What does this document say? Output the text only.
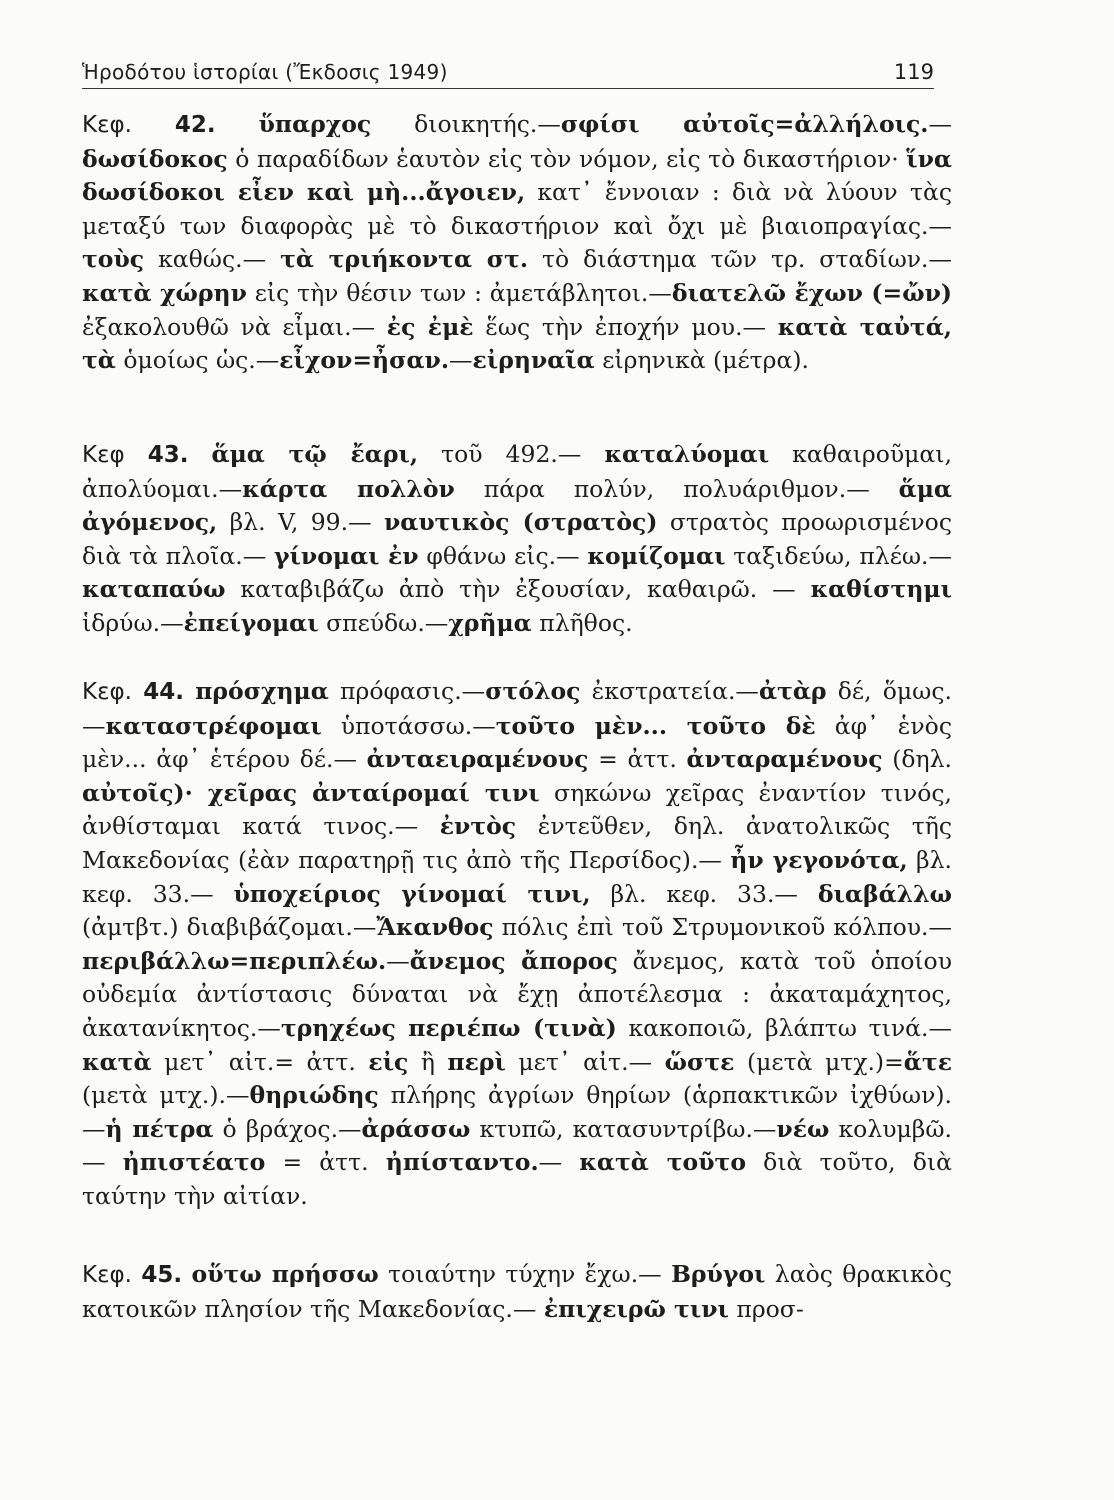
Ἡροδότου ἱστορίαι (Ἔκδοσις 1949)	119

Κεφ. 42. ὕπαρχος διοικητής.—σφίσι αὐτοῖς=ἀλλήλοις.—δωσίδοκος ὁ παραδίδων ἑαυτὸν εἰς τὸν νόμον, εἰς τὸ δικαστήριον· ἵνα δωσίδοκοι εἶεν καὶ μὴ...ἄγοιεν, κατ᾿ ἔννοιαν : διὰ νὰ λύουν τὰς μεταξύ των διαφορὰς μὲ τὸ δικαστήριον καὶ ὄχι μὲ βιαιοπραγίας.—τοὺς καθώς.— τὰ τριήκοντα στ. τὸ διάστημα τῶν τρ. σταδίων.— κατὰ χώρην εἰς τὴν θέσιν των : ἀμετάβλητοι.—διατελῶ ἔχων (=ὤν) ἐξακολουθῶ νὰ εἶμαι.— ἐς ἐμὲ ἕως τὴν ἐποχήν μου.— κατὰ ταὐτά, τὰ ὁμοίως ὡς.—εἶχον=ἦσαν.—εἰρηναῖα εἰρηνικὰ (μέτρα).

Κεφ 43. ἅμα τῷ ἔαρι, τοῦ 492.— καταλύομαι καθαιροῦμαι, ἀπολύομαι.—κάρτα πολλὸν πάρα πολύν, πολυάριθμον.— ἅμα ἀγόμενος, βλ. V, 99.— ναυτικὸς (στρατὸς) στρατὸς προωρισμένος διὰ τὰ πλοῖα.— γίνομαι ἐν φθάνω εἰς.— κομίζομαι ταξιδεύω, πλέω.— καταπαύω καταβιβάζω ἀπὸ τὴν ἐξουσίαν, καθαιρῶ. — καθίστημι ἱδρύω.—ἐπείγομαι σπεύδω.—χρῆμα πλῆθος.

Κεφ. 44. πρόσχημα πρόφασις.—στόλος ἐκστρατεία.—ἀτὰρ δέ, ὅμως.—καταστρέφομαι ὑποτάσσω.—τοῦτο μὲν... τοῦτο δὲ ἀφ᾿ ἑνὸς μὲν... ἀφ᾿ ἑτέρου δέ.— ἀνταειραμένους = ἀττ. ἀνταραμένους (δηλ. αὐτοῖς)· χεῖρας ἀνταίρομαί τινι σηκώνω χεῖρας ἐναντίον τινός, ἀνθίσταμαι κατά τινος.— ἐντὸς ἐντεῦθεν, δηλ. ἀνατολικῶς τῆς Μακεδονίας (ἐὰν παρατηρῇ τις ἀπὸ τῆς Περσίδος).— ἦν γεγονότα, βλ. κεφ. 33.— ὑποχείριος γίνομαί τινι, βλ. κεφ. 33.— διαβάλλω (ἀμτβτ.) διαβιβάζομαι.—Ἄκανθος πόλις ἐπὶ τοῦ Στρυμονικοῦ κόλπου.—περιβάλλω=περιπλέω.—ἄνεμος ἄπορος ἄνεμος, κατὰ τοῦ ὁποίου οὐδεμία ἀντίστασις δύναται νὰ ἔχῃ ἀποτέλεσμα : ἀκαταμάχητος, ἀκατανίκητος.—τρηχέως περιέπω (τινὰ) κακοποιῶ, βλάπτω τινά.— κατὰ μετ᾿ αἰτ.= ἀττ. εἰς ἢ περὶ μετ᾿ αἰτ.— ὥστε (μετὰ μτχ.)=ἅτε (μετὰ μτχ.).—θηριώδης πλήρης ἀγρίων θηρίων (ἁρπακτικῶν ἰχθύων). —ἡ πέτρα ὁ βράχος.—ἀράσσω κτυπῶ, κατασυντρίβω.—νέω κολυμβῶ.— ἠπιστέατο = ἀττ. ἠπίσταντο.— κατὰ τοῦτο διὰ τοῦτο, διὰ ταύτην τὴν αἰτίαν.

Κεφ. 45. οὕτω πρήσσω τοιαύτην τύχην ἔχω.— Βρύγοι λαὸς θρακικὸς κατοικῶν πλησίον τῆς Μακεδονίας.— ἐπιχειρῶ τινι προσ-
